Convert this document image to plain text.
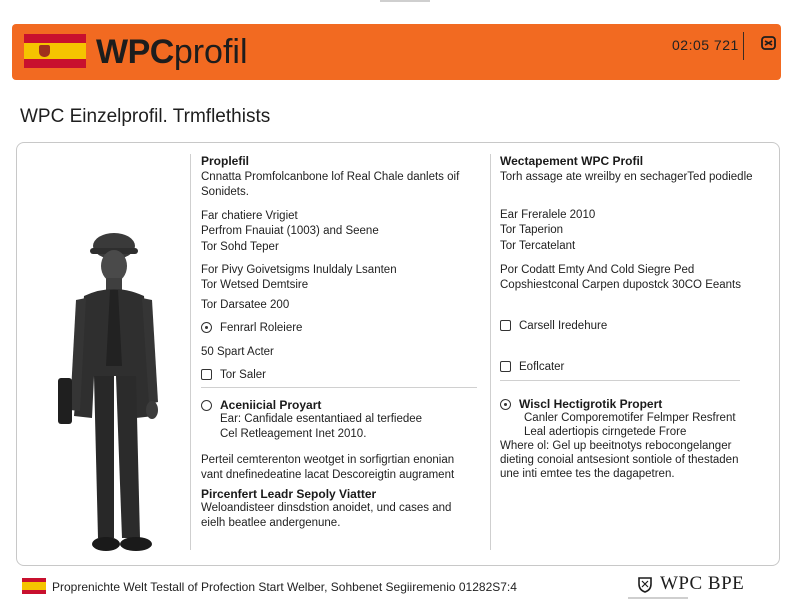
WPCprofil	02:05 721
WPC Einzelprofil. Trmflethists
Proplefil
Cnnatta Promfolcanbone lof Real Chale danlets oif
Sonidets.
Far chatiere Vrigiet
Perfrom Fnauiat (1003) and Seene
Tor Sohd Teper
For Pivy Goivetsigms Inuldaly Lsanten
Tor Wetsed Demtsire
Tor Darsatee 200
Fenrarl Roleiere
50 Spart Acter
Tor Saler
Aceniicial Proyart
Ear: Canfidale esentantiaed al terfiedee
Cel Retleagement Inet 2010.
Perteil cemterenton weotget in sorfigrtian enonian
vant dnefinedeatine lacat Descoreigtin augrament
Pircenfert Leadr Sepoly Viatter
Weloandisteer dinsdstion anoidet, und cases and
eielh beatlee andergenune.
Wectapement WPC Profil
Torh assage ate wreilby en sechagerTed podiedle
Ear Freralele 2010
Tor Taperion
Tor Tercatelant
Por Codatt Emty And Cold Siegre Ped
Copshiestconal Carpen dupostck 30CO Eeants
Carsell Iredehure
Eoflcater
Wiscl Hectigrotik Propert
Canler Comporemotifer Felmper Resfrent
Leal adertiopis cirngetede Frore
Where ol: Gel up beeitnotys rebocongelanger
dieting conoial antsesiont sontiole of thestaden
une inti emtee tes the dagapetren.
Proprenichte Welt Testall of Profection Start Welber, Sohbenet Segiiremenio 01282S7:4	WPC BPE
